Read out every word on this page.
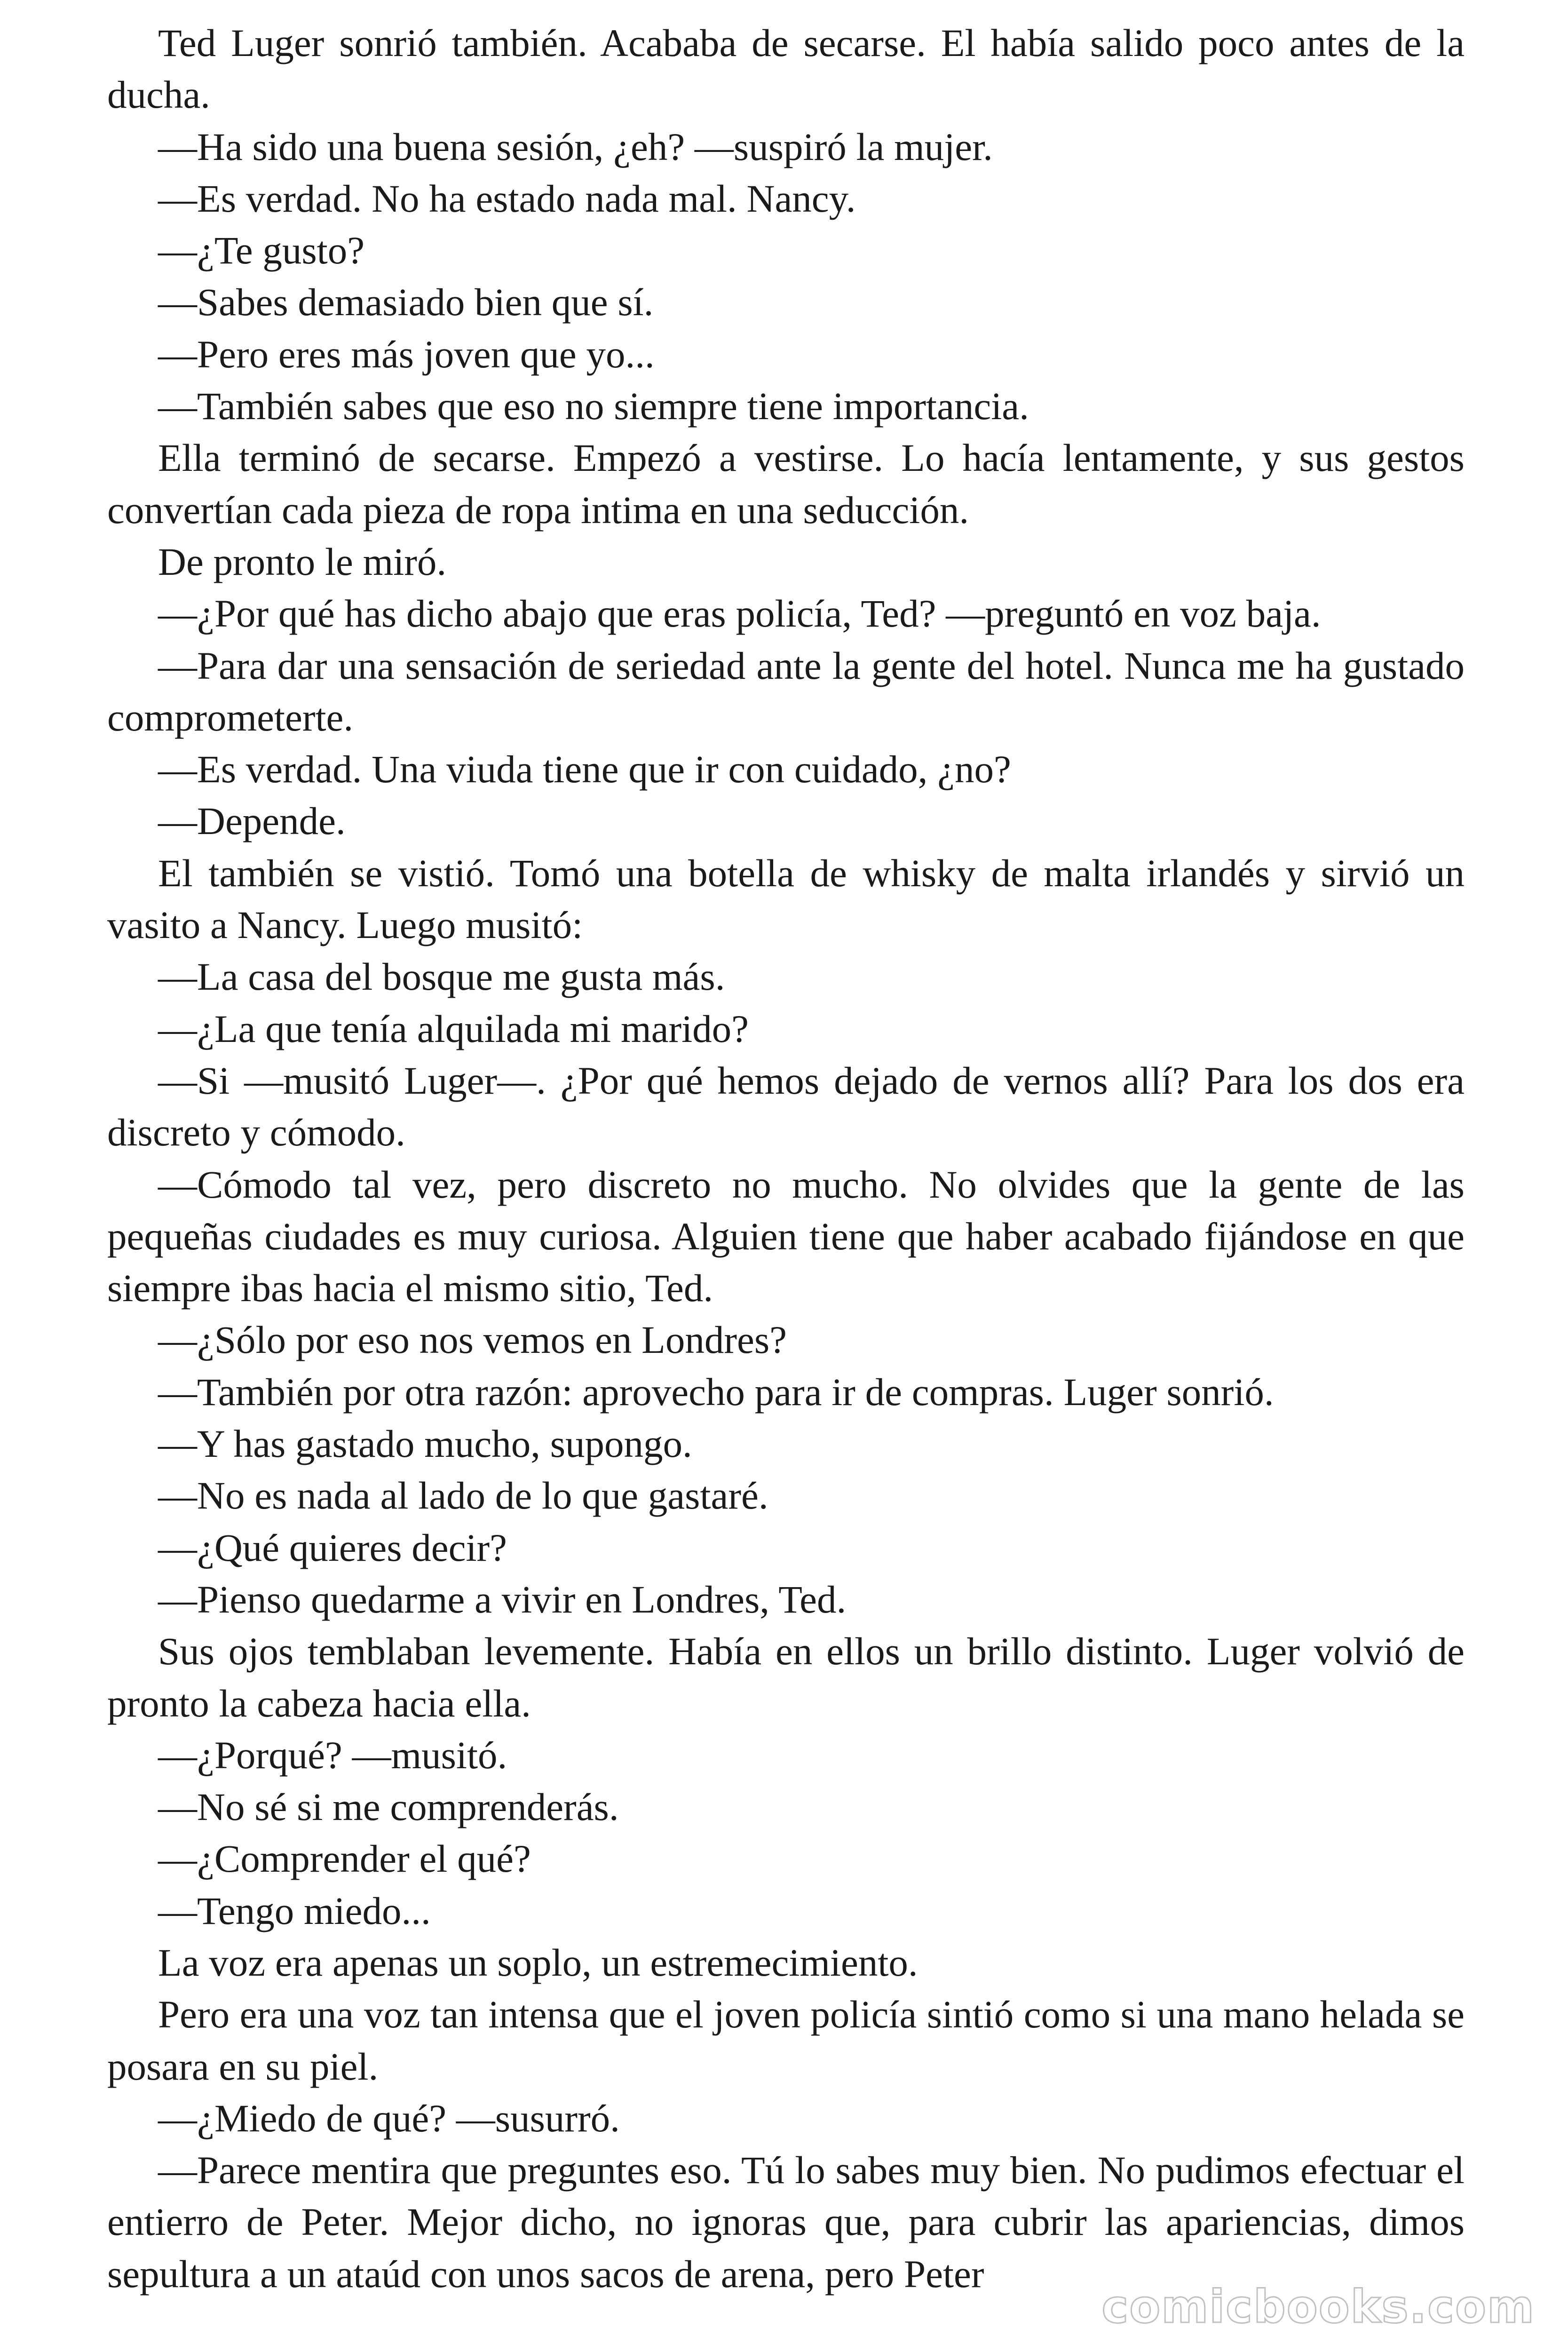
Ted Luger sonrió también. Acababa de secarse. El había salido poco antes de la ducha.

—Ha sido una buena sesión, ¿eh? —suspiró la mujer.

—Es verdad. No ha estado nada mal. Nancy.

—¿Te gusto?

—Sabes demasiado bien que sí.

—Pero eres más joven que yo...

—También sabes que eso no siempre tiene importancia.

Ella terminó de secarse. Empezó a vestirse. Lo hacía lentamente, y sus gestos convertían cada pieza de ropa intima en una seducción.

De pronto le miró.

—¿Por qué has dicho abajo que eras policía, Ted? —preguntó en voz baja.

—Para dar una sensación de seriedad ante la gente del hotel. Nunca me ha gustado comprometerte.

—Es verdad. Una viuda tiene que ir con cuidado, ¿no?

—Depende.

El también se vistió. Tomó una botella de whisky de malta irlandés y sirvió un vasito a Nancy. Luego musitó:

—La casa del bosque me gusta más.

—¿La que tenía alquilada mi marido?

—Si —musitó Luger—. ¿Por qué hemos dejado de vernos allí? Para los dos era discreto y cómodo.

—Cómodo tal vez, pero discreto no mucho. No olvides que la gente de las pequeñas ciudades es muy curiosa. Alguien tiene que haber acabado fijándose en que siempre ibas hacia el mismo sitio, Ted.

—¿Sólo por eso nos vemos en Londres?

—También por otra razón: aprovecho para ir de compras. Luger sonrió.

—Y has gastado mucho, supongo.

—No es nada al lado de lo que gastaré.

—¿Qué quieres decir?

—Pienso quedarme a vivir en Londres, Ted.

Sus ojos temblaban levemente. Había en ellos un brillo distinto. Luger volvió de pronto la cabeza hacia ella.

—¿Porqué? —musitó.

—No sé si me comprenderás.

—¿Comprender el qué?

—Tengo miedo...

La voz era apenas un soplo, un estremecimiento.

Pero era una voz tan intensa que el joven policía sintió como si una mano helada se posara en su piel.

—¿Miedo de qué? —susurró.

—Parece mentira que preguntes eso. Tú lo sabes muy bien. No pudimos efectuar el entierro de Peter. Mejor dicho, no ignoras que, para cubrir las apariencias, dimos sepultura a un ataúd con unos sacos de arena, pero Peter

comicbooks.com
